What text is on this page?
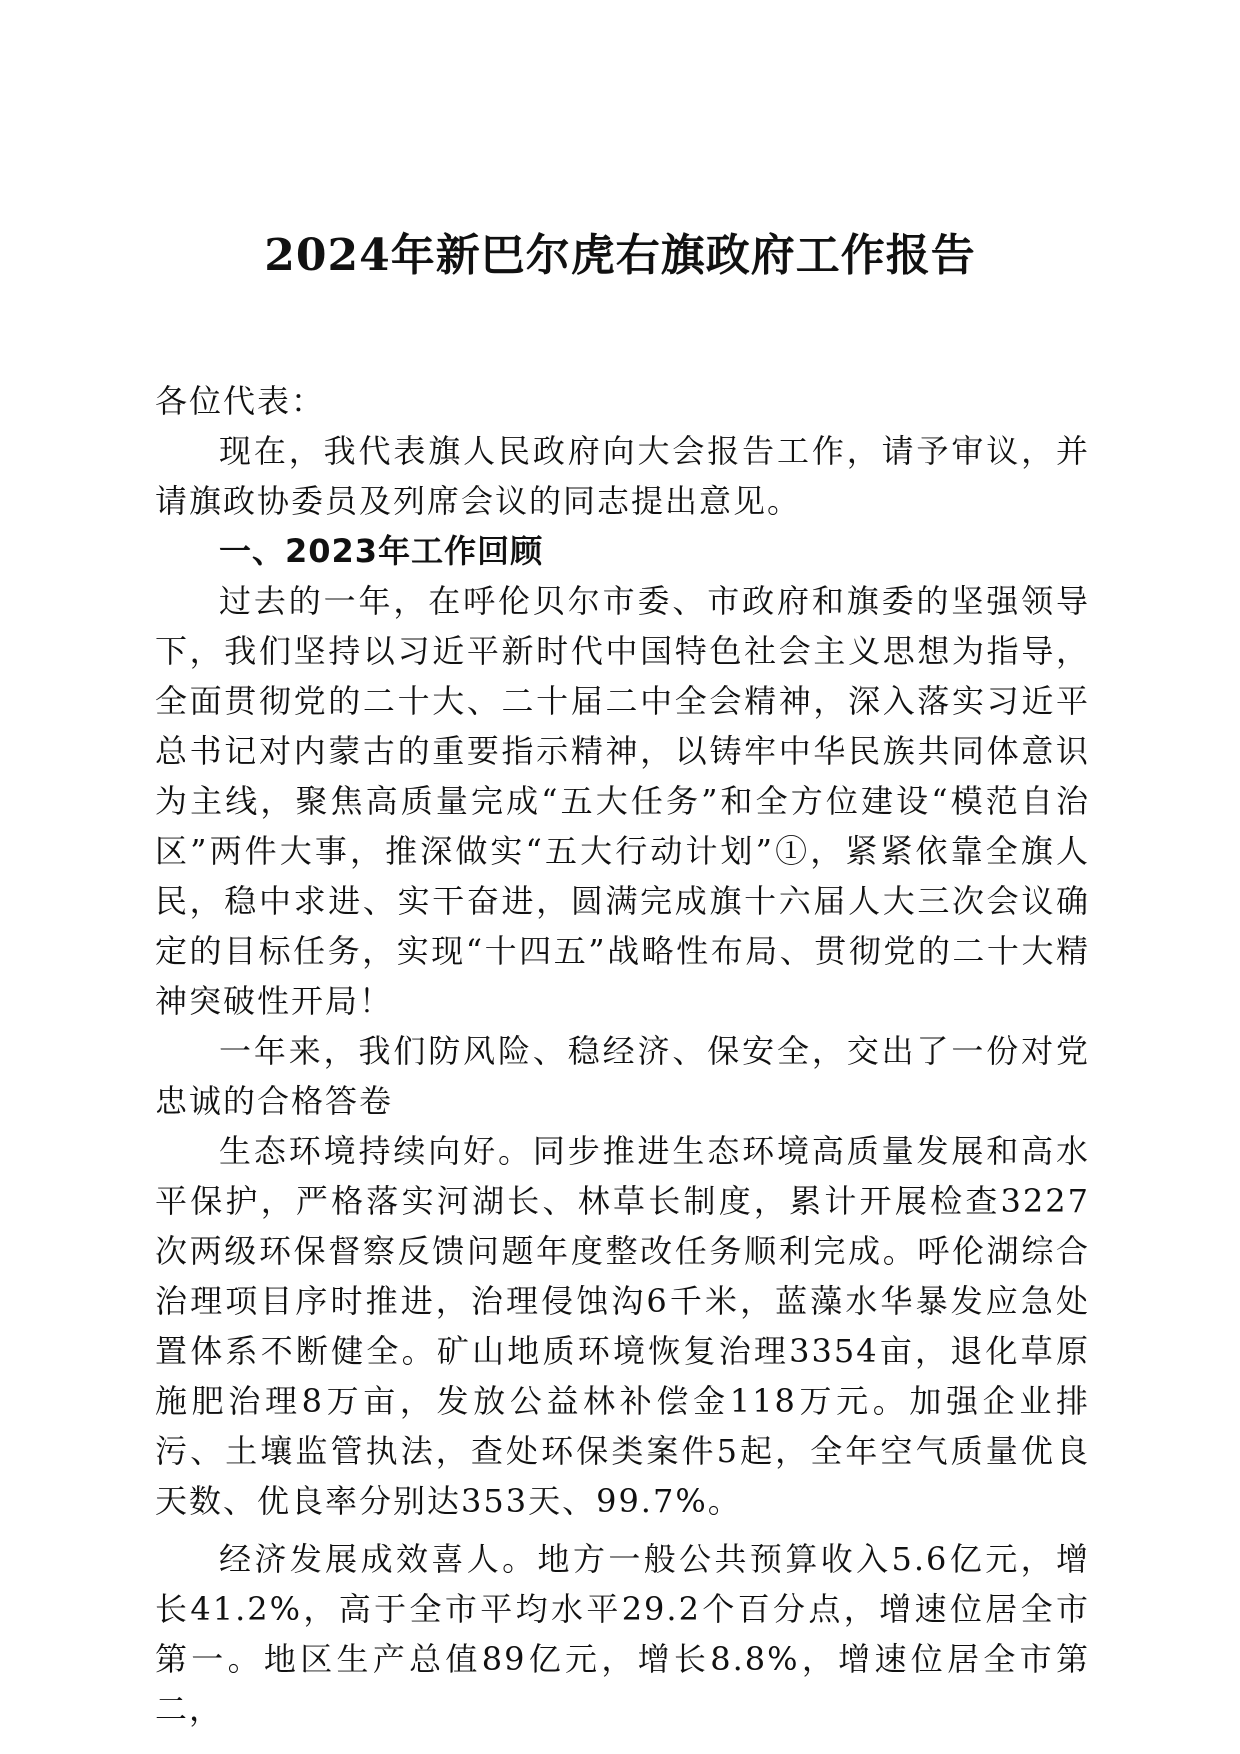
2024年新巴尔虎右旗政府工作报告

各位代表：

现在，我代表旗人民政府向大会报告工作，请予审议，并请旗政协委员及列席会议的同志提出意见。

一、2023年工作回顾

过去的一年，在呼伦贝尔市委、市政府和旗委的坚强领导下，我们坚持以习近平新时代中国特色社会主义思想为指导，全面贯彻党的二十大、二十届二中全会精神，深入落实习近平总书记对内蒙古的重要指示精神，以铸牢中华民族共同体意识为主线，聚焦高质量完成“五大任务”和全方位建设“模范自治区”两件大事，推深做实“五大行动计划”①，紧紧依靠全旗人民，稳中求进、实干奋进，圆满完成旗十六届人大三次会议确定的目标任务，实现“十四五”战略性布局、贯彻党的二十大精神突破性开局！

一年来，我们防风险、稳经济、保安全，交出了一份对党忠诚的合格答卷

生态环境持续向好。同步推进生态环境高质量发展和高水平保护，严格落实河湖长、林草长制度，累计开展检查3227次两级环保督察反馈问题年度整改任务顺利完成。呼伦湖综合治理项目序时推进，治理侵蚀沟6千米，蓝藻水华暴发应急处置体系不断健全。矿山地质环境恢复治理3354亩，退化草原施肥治理8万亩，发放公益林补偿金118万元。加强企业排污、土壤监管执法，查处环保类案件5起，全年空气质量优良天数、优良率分别达353天、99.7%。

经济发展成效喜人。地方一般公共预算收入5.6亿元，增长41.2%，高于全市平均水平29.2个百分点，增速位居全市第一。地区生产总值89亿元，增长8.8%，增速位居全市第二，
